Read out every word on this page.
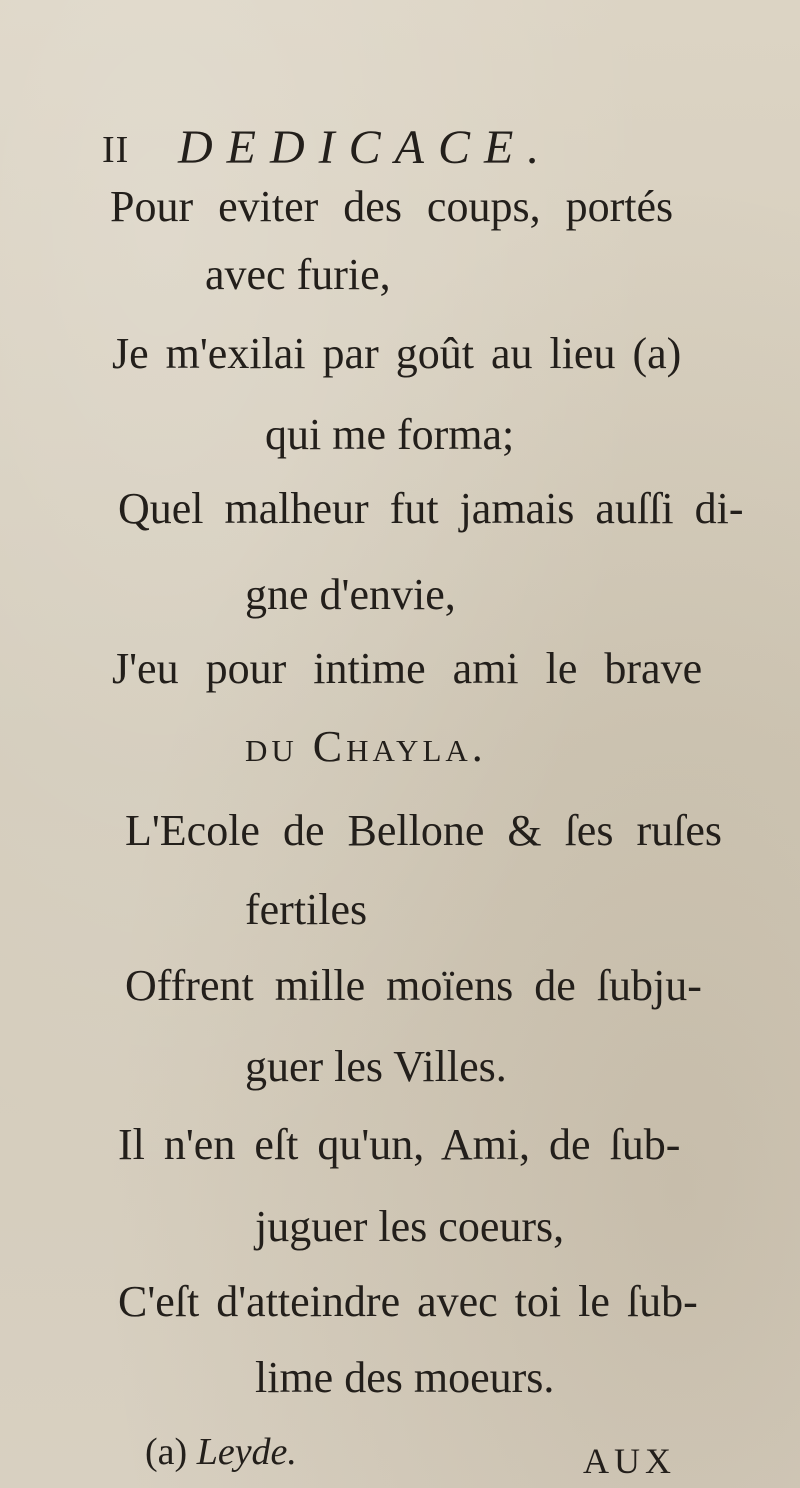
II DEDICACE.
Pour eviter des coups, portés
avec furie,
Je m'exilai par goût au lieu (a)
qui me forma;
Quel malheur fut jamais auſſi di-
gne d'envie,
J'eu pour intime ami le brave
du Chayla.
L'Ecole de Bellone & ſes ruſes
fertiles
Offrent mille moïens de ſubju-
guer les Villes.
Il n'en eſt qu'un, Ami, de ſub-
juguer les coeurs,
C'eſt d'atteindre avec toi le ſub-
lime des moeurs.
(a) Leyde.	AUX
